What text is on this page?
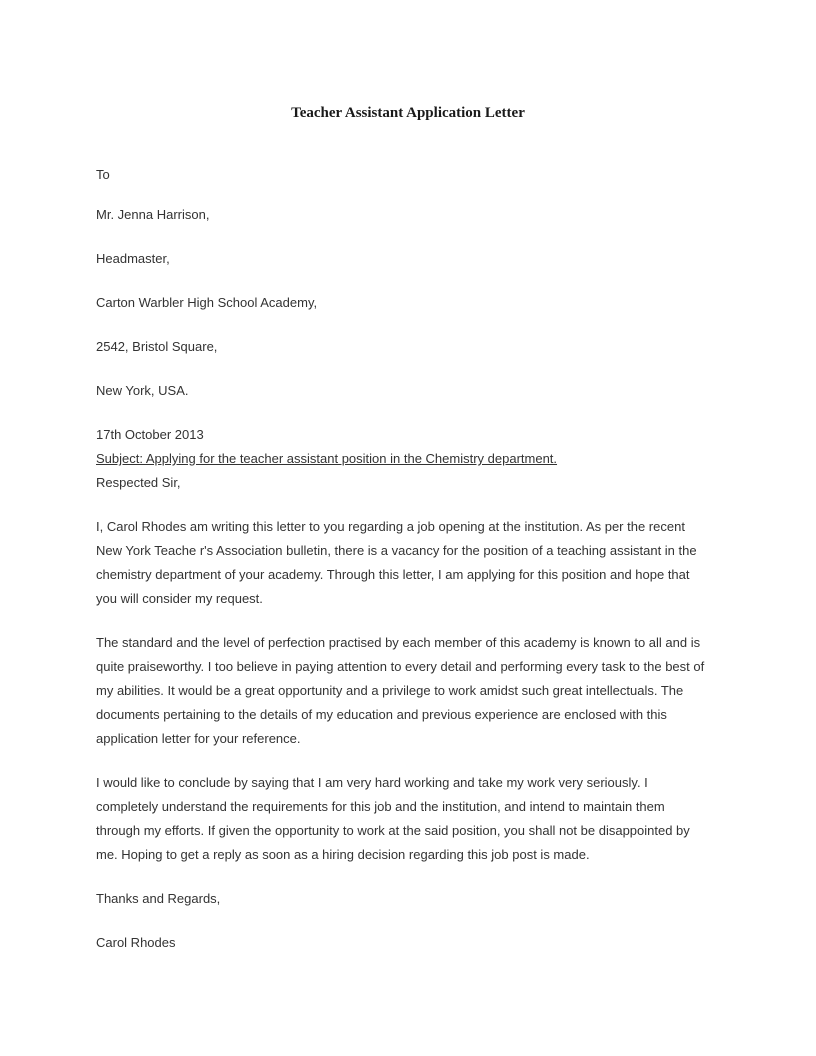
Teacher Assistant Application Letter
To
Mr. Jenna Harrison,
Headmaster,
Carton Warbler High School Academy,
2542, Bristol Square,
New York, USA.
17th October 2013
Subject: Applying for the teacher assistant position in the Chemistry department.
Respected Sir,
I, Carol Rhodes am writing this letter to you regarding a job opening at the institution. As per the recent
New York Teache r's Association bulletin, there is a vacancy for the position of a teaching assistant in the
chemistry department of your academy. Through this letter, I am applying for this position and hope that
you will consider my request.
The standard and the level of perfection practised by each member of this academy is known to all and is
quite praiseworthy. I too believe in paying attention to every detail and performing every task to the best of
my abilities. It would be a great opportunity and a privilege to work amidst such great intellectuals. The
documents pertaining to the details of my education and previous experience are enclosed with this
application letter for your reference.
I would like to conclude by saying that I am very hard working and take my work very seriously. I
completely understand the requirements for this job and the institution, and intend to maintain them
through my efforts. If given the opportunity to work at the said position, you shall not be disappointed by
me. Hoping to get a reply as soon as a hiring decision regarding this job post is made.
Thanks and Regards,
Carol Rhodes
